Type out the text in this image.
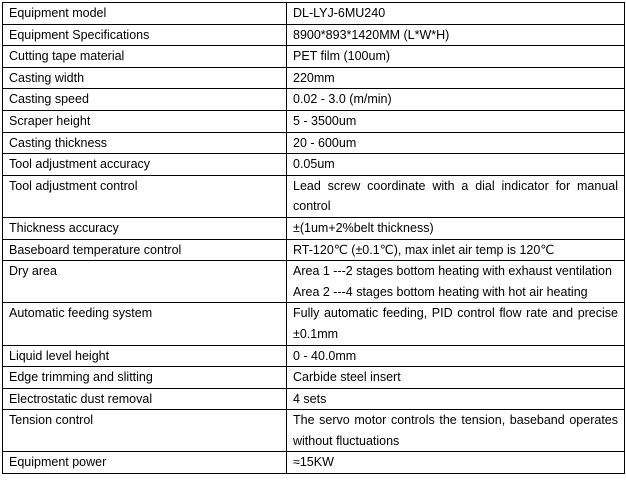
Equipment model	DL-LYJ-6MU240
Equipment Specifications	8900*893*1420MM (L*W*H)
Cutting tape material	PET film (100um)
Casting width	220mm
Casting speed	0.02 - 3.0 (m/min)
Scraper height	5 - 3500um
Casting thickness	20 - 600um
Tool adjustment accuracy	0.05um
Tool adjustment control	Lead screw coordinate with a dial indicator for manual control
Thickness accuracy	±(1um+2%belt thickness)
Baseboard temperature control	RT-120℃ (±0.1℃), max inlet air temp is 120℃
Dry area	Area 1 ---2 stages bottom heating with exhaust ventilation
Area 2 ---4 stages bottom heating with hot air heating

Automatic feeding system	Fully automatic feeding, PID control flow rate and precise ±0.1mm
Liquid level height	0 - 40.0mm
Edge trimming and slitting	Carbide steel insert
Electrostatic dust removal	4 sets
Tension control	The servo motor controls the tension, baseband operates without fluctuations
Equipment power	≈15KW
